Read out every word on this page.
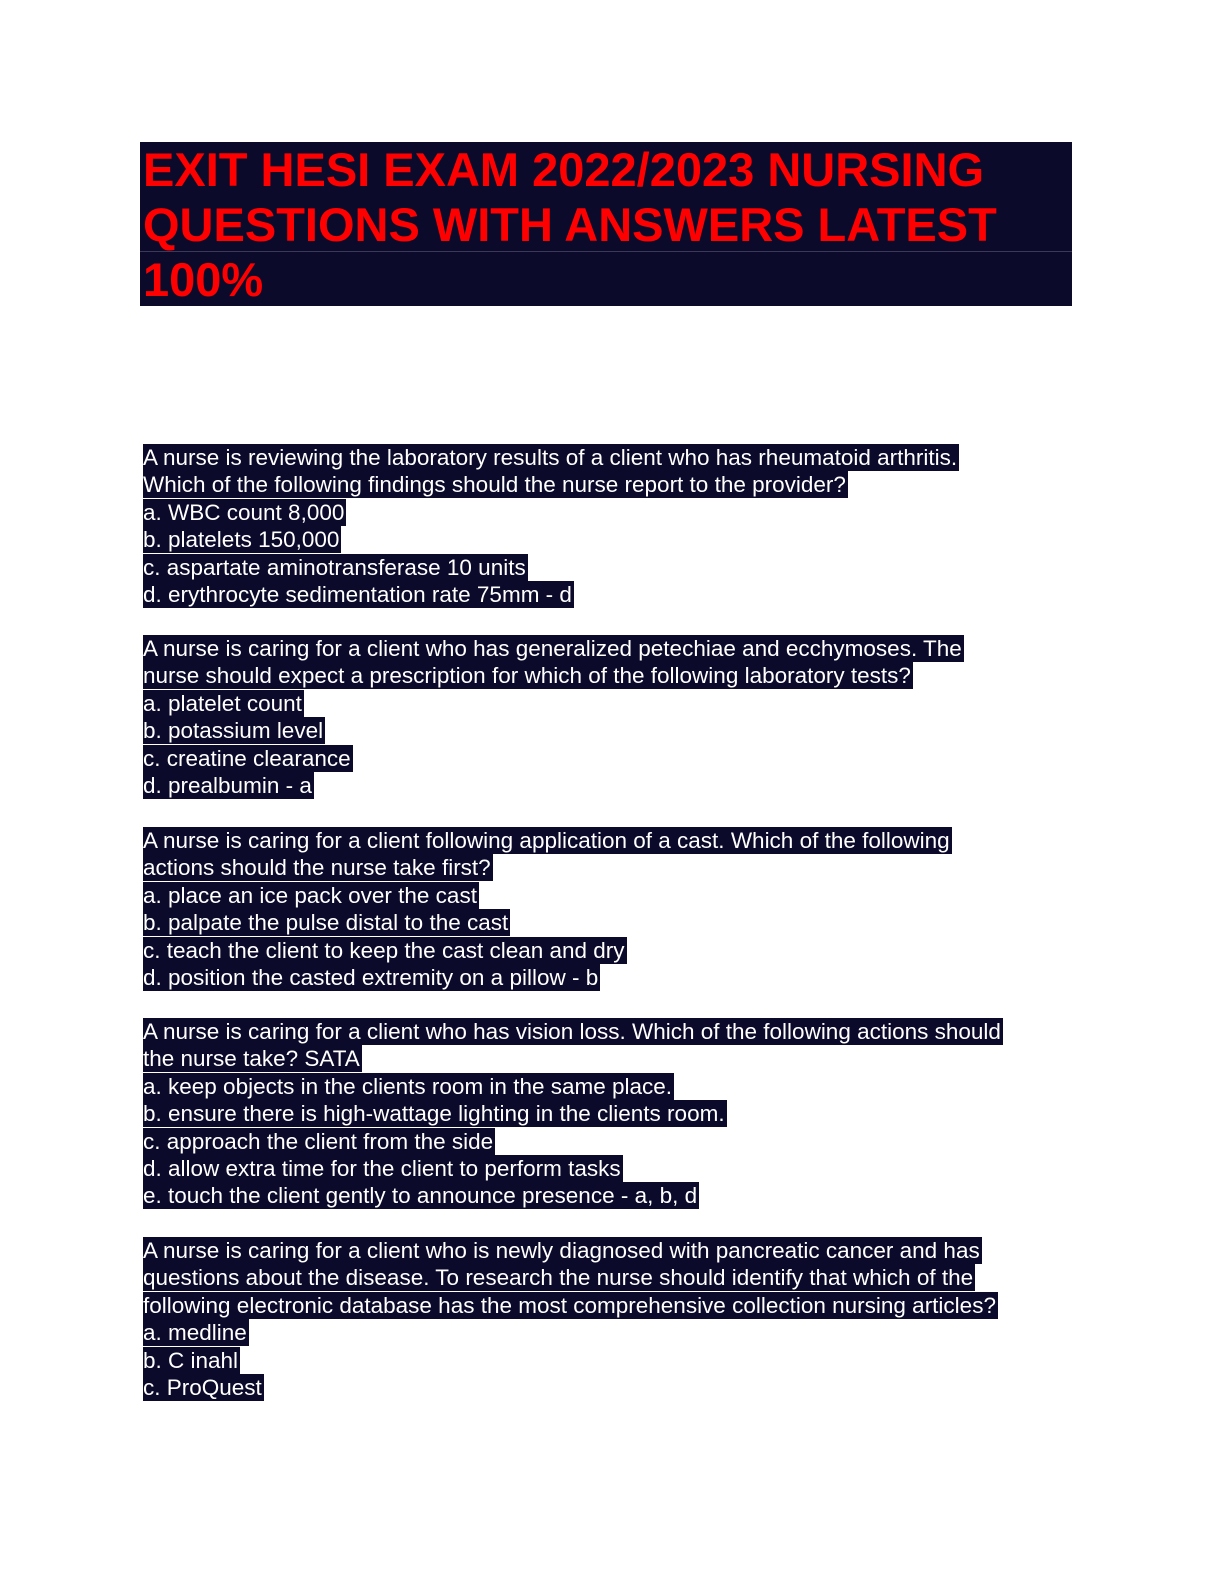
EXIT HESI EXAM 2022/2023 NURSING
QUESTIONS WITH ANSWERS LATEST
100%
A nurse is reviewing the laboratory results of a client who has rheumatoid arthritis.
Which of the following findings should the nurse report to the provider?
a. WBC count 8,000
b. platelets 150,000
c. aspartate aminotransferase 10 units
d. erythrocyte sedimentation rate 75mm - d
A nurse is caring for a client who has generalized petechiae and ecchymoses. The
nurse should expect a prescription for which of the following laboratory tests?
a. platelet count
b. potassium level
c. creatine clearance
d. prealbumin - a
A nurse is caring for a client following application of a cast. Which of the following
actions should the nurse take first?
a. place an ice pack over the cast
b. palpate the pulse distal to the cast
c. teach the client to keep the cast clean and dry
d. position the casted extremity on a pillow - b
A nurse is caring for a client who has vision loss. Which of the following actions should
the nurse take? SATA
a. keep objects in the clients room in the same place.
b. ensure there is high-wattage lighting in the clients room.
c. approach the client from the side
d. allow extra time for the client to perform tasks
e. touch the client gently to announce presence - a, b, d
A nurse is caring for a client who is newly diagnosed with pancreatic cancer and has
questions about the disease. To research the nurse should identify that which of the
following electronic database has the most comprehensive collection nursing articles?
a. medline
b. C inahl
c. ProQuest
